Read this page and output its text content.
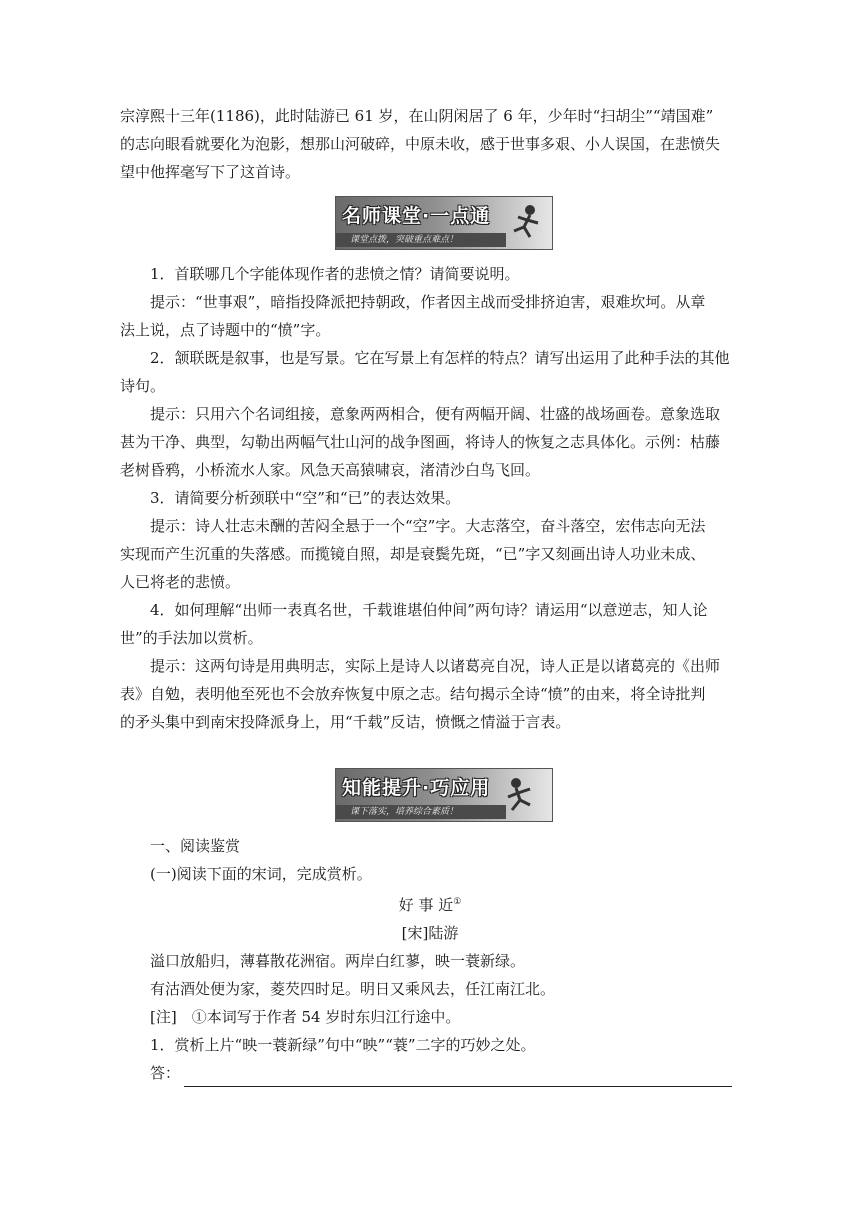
宗淳熙十三年(1186)，此时陆游已 61 岁，在山阴闲居了 6 年，少年时“扫胡尘”“靖国难”

的志向眼看就要化为泡影，想那山河破碎，中原未收，感于世事多艰、小人误国，在悲愤失

望中他挥毫写下了这首诗。

名师课堂·一点通
课堂点拨，突破重点难点！

1．首联哪几个字能体现作者的悲愤之情？请简要说明。

提示：“世事艰”，暗指投降派把持朝政，作者因主战而受排挤迫害，艰难坎坷。从章

法上说，点了诗题中的“愤”字。

2．颔联既是叙事，也是写景。它在写景上有怎样的特点？请写出运用了此种手法的其他

诗句。

提示：只用六个名词组接，意象两两相合，便有两幅开阔、壮盛的战场画卷。意象选取

甚为干净、典型，勾勒出两幅气壮山河的战争图画，将诗人的恢复之志具体化。示例：枯藤

老树昏鸦，小桥流水人家。风急天高猿啸哀，渚清沙白鸟飞回。

3．请简要分析颈联中“空”和“已”的表达效果。

提示：诗人壮志未酬的苦闷全悬于一个“空”字。大志落空，奋斗落空，宏伟志向无法

实现而产生沉重的失落感。而揽镜自照，却是衰鬓先斑，“已”字又刻画出诗人功业未成、

人已将老的悲愤。

4．如何理解“出师一表真名世，千载谁堪伯仲间”两句诗？请运用“以意逆志，知人论

世”的手法加以赏析。

提示：这两句诗是用典明志，实际上是诗人以诸葛亮自况，诗人正是以诸葛亮的《出师

表》自勉，表明他至死也不会放弃恢复中原之志。结句揭示全诗“愤”的由来，将全诗批判

的矛头集中到南宋投降派身上，用“千载”反诘，愤慨之情溢于言表。

知能提升·巧应用
课下落实，培养综合素质！

一、阅读鉴赏

(一)阅读下面的宋词，完成赏析。

好 事 近①

[宋]陆游

溢口放船归，薄暮散花洲宿。两岸白红蓼，映一蓑新绿。

有沽酒处便为家，菱芡四时足。明日又乘风去，任江南江北。

[注]　①本词写于作者 54 岁时东归江行途中。

1．赏析上片“映一蓑新绿”句中“映”“蓑”二字的巧妙之处。

答：
